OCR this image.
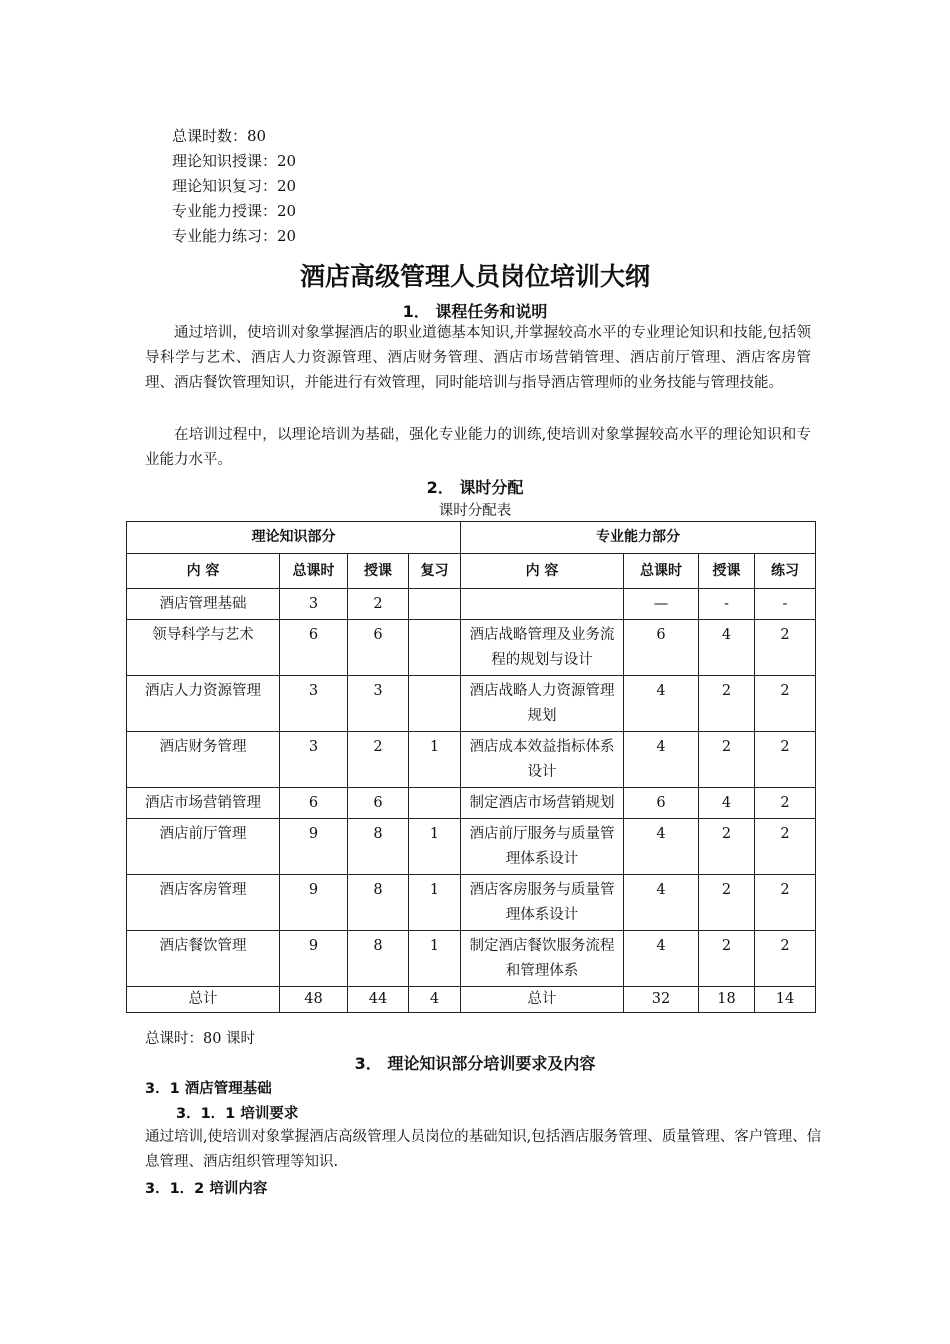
总课时数：80
理论知识授课：20
理论知识复习：20
专业能力授课：20
专业能力练习：20
酒店高级管理人员岗位培训大纲
1． 课程任务和说明
通过培训，使培训对象掌握酒店的职业道德基本知识,并掌握较高水平的专业理论知识和技能,包括领导科学与艺术、酒店人力资源管理、酒店财务管理、酒店市场营销管理、酒店前厅管理、酒店客房管理、酒店餐饮管理知识，并能进行有效管理，同时能培训与指导酒店管理师的业务技能与管理技能。
在培训过程中，以理论培训为基础，强化专业能力的训练,使培训对象掌握较高水平的理论知识和专业能力水平。
2． 课时分配
课时分配表
理论知识部分				专业能力部分			
内 容	总课时	授课	复习	内 容	总课时	授课	练习
酒店管理基础	3	2			—	-	-
领导科学与艺术	6	6		酒店战略管理及业务流程的规划与设计	6	4	2
酒店人力资源管理	3	3		酒店战略人力资源管理规划	4	2	2
酒店财务管理	3	2	1	酒店成本效益指标体系设计	4	2	2
酒店市场营销管理	6	6		制定酒店市场营销规划	6	4	2
酒店前厅管理	9	8	1	酒店前厅服务与质量管理体系设计	4	2	2
酒店客房管理	9	8	1	酒店客房服务与质量管理体系设计	4	2	2
酒店餐饮管理	9	8	1	制定酒店餐饮服务流程和管理体系	4	2	2
总计	48	44	4	总计	32	18	14
总课时：80 课时
3． 理论知识部分培训要求及内容
3．1 酒店管理基础
3．1．1 培训要求
通过培训,使培训对象掌握酒店高级管理人员岗位的基础知识,包括酒店服务管理、质量管理、客户管理、信息管理、酒店组织管理等知识.
3．1．2 培训内容
